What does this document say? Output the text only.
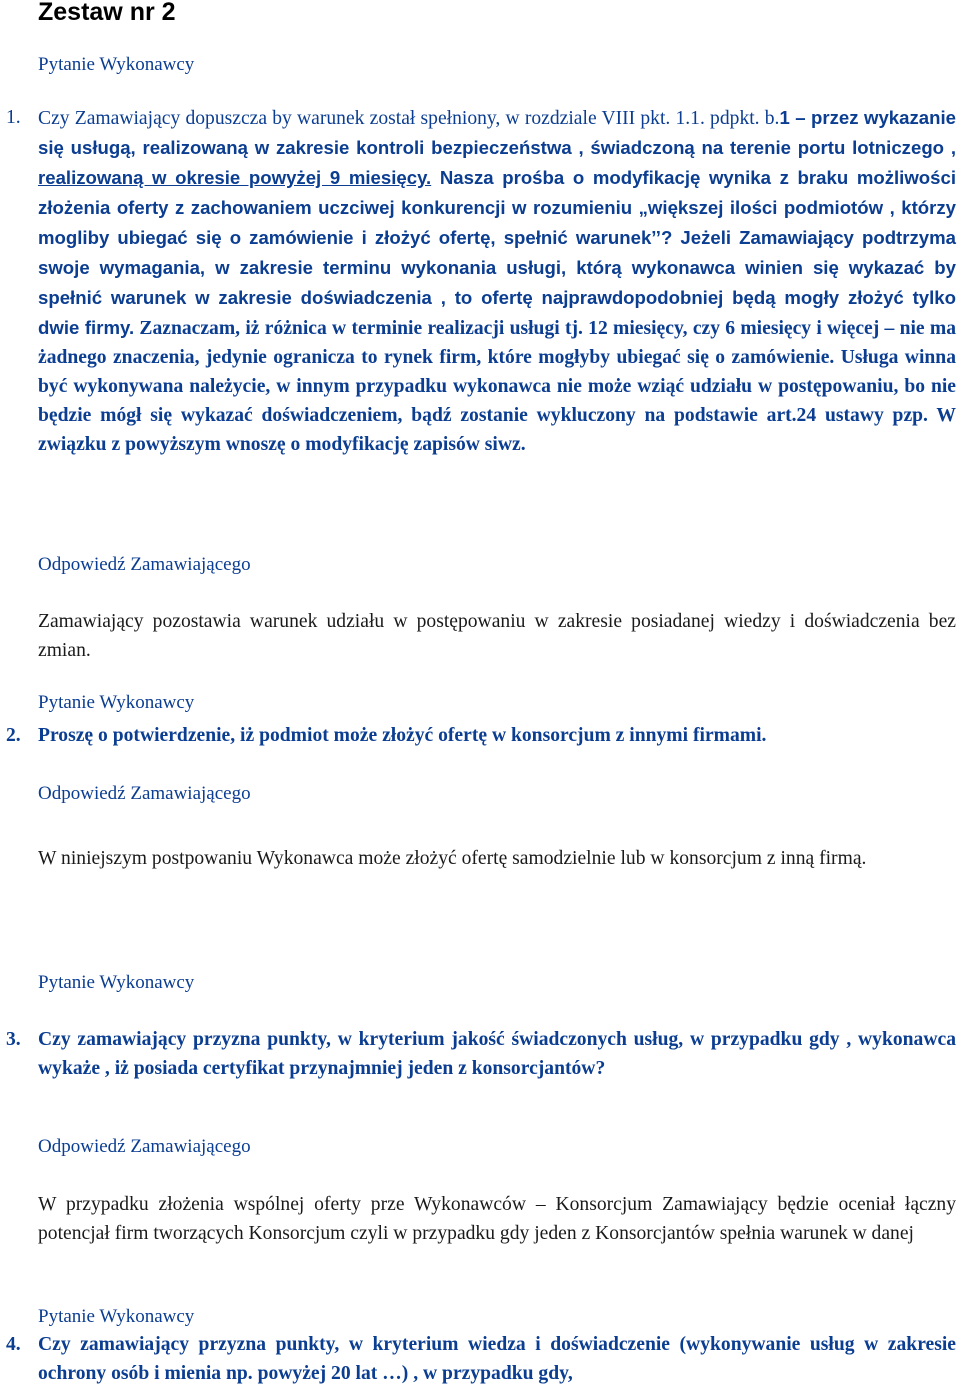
Zestaw nr 2

Pytanie Wykonawcy

1. Czy Zamawiający dopuszcza by warunek został spełniony, w rozdziale VIII pkt. 1.1. pdpkt. b.1 – przez wykazanie się usługą, realizowaną w zakresie kontroli bezpieczeństwa , świadczoną na terenie portu lotniczego , realizowaną w okresie powyżej 9 miesięcy. Nasza prośba o modyfikację wynika z braku możliwości złożenia oferty z zachowaniem uczciwej konkurencji w rozumieniu „większej ilości podmiotów , którzy mogliby ubiegać się o zamówienie i złożyć ofertę, spełnić warunek’’? Jeżeli Zamawiający podtrzyma swoje wymagania, w zakresie terminu wykonania usługi, którą wykonawca winien się wykazać by spełnić warunek w zakresie doświadczenia , to ofertę najprawdopodobniej będą mogły złożyć tylko dwie firmy. Zaznaczam, iż różnica w terminie realizacji usługi tj. 12 miesięcy, czy 6 miesięcy i więcej – nie ma żadnego znaczenia, jedynie ogranicza to rynek firm, które mogłyby ubiegać się o zamówienie. Usługa winna być wykonywana należycie, w innym przypadku wykonawca nie może wziąć udziału w postępowaniu, bo nie będzie mógł się wykazać doświadczeniem, bądź zostanie wykluczony na podstawie art.24 ustawy pzp. W związku z powyższym wnoszę o modyfikację zapisów siwz.

Odpowiedź Zamawiającego

Zamawiający pozostawia warunek udziału w postępowaniu w zakresie posiadanej wiedzy i doświadczenia bez zmian.

Pytanie Wykonawcy

2. Proszę o potwierdzenie, iż podmiot może złożyć ofertę w konsorcjum z innymi firmami.

Odpowiedź Zamawiającego

W niniejszym postpowaniu Wykonawca może złożyć ofertę samodzielnie lub w konsorcjum z inną firmą.

Pytanie Wykonawcy

3. Czy zamawiający przyzna punkty, w kryterium jakość świadczonych usług, w przypadku gdy , wykonawca wykaże , iż posiada certyfikat przynajmniej jeden z konsorcjantów?

Odpowiedź Zamawiającego

W przypadku złożenia wspólnej oferty prze Wykonawców – Konsorcjum Zamawiający będzie oceniał łączny potencjał firm tworzących Konsorcjum czyli w przypadku gdy jeden z Konsorcjantów spełnia warunek w danej

Pytanie Wykonawcy

4. Czy zamawiający przyzna punkty, w kryterium wiedza i doświadczenie (wykonywanie usług w zakresie ochrony osób i mienia np. powyżej 20 lat …) , w przypadku gdy,
